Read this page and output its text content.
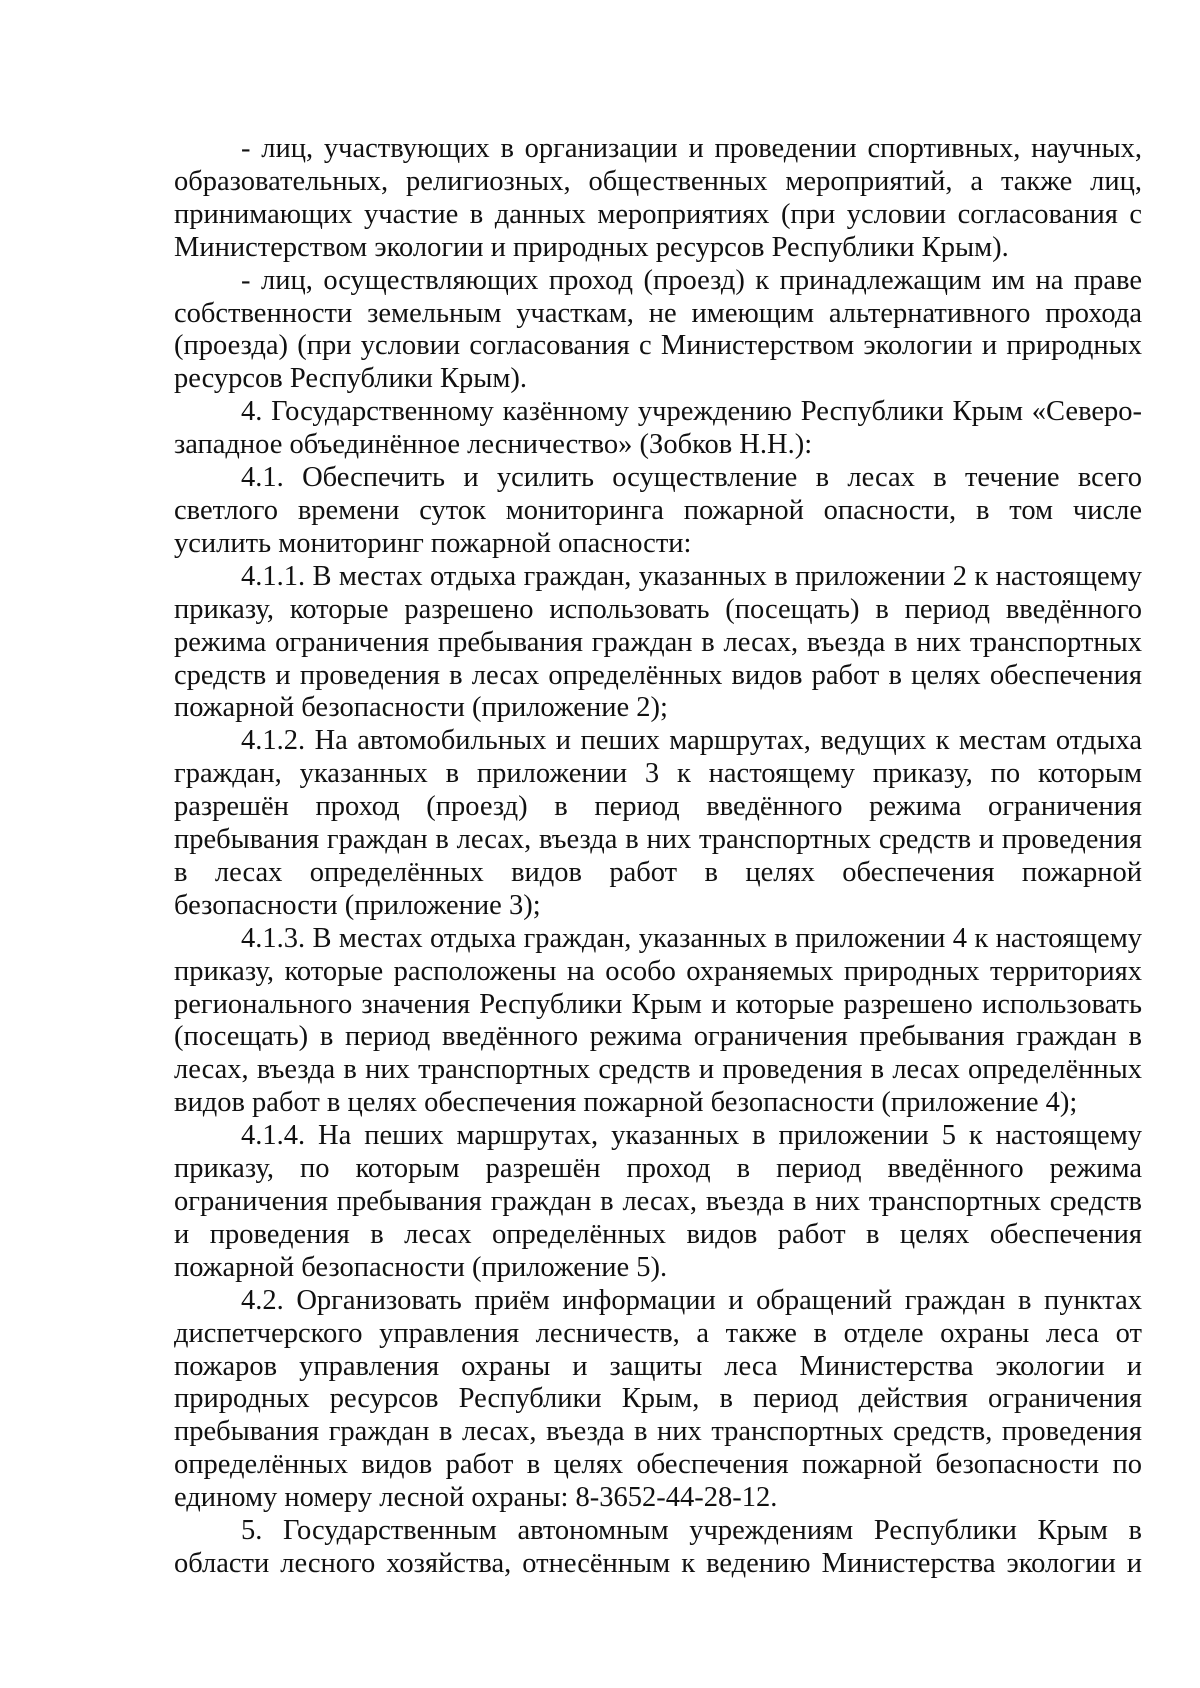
- лиц, участвующих в организации и проведении спортивных, научных, образовательных, религиозных, общественных мероприятий, а также лиц, принимающих участие в данных мероприятиях (при условии согласования с Министерством экологии и природных ресурсов Республики Крым).

- лиц, осуществляющих проход (проезд) к принадлежащим им на праве собственности земельным участкам, не имеющим альтернативного прохода (проезда) (при условии согласования с Министерством экологии и природных ресурсов Республики Крым).

4. Государственному казённому учреждению Республики Крым «Северо-западное объединённое лесничество» (Зобков Н.Н.):

4.1. Обеспечить и усилить осуществление в лесах в течение всего светлого времени суток мониторинга пожарной опасности, в том числе усилить мониторинг пожарной опасности:

4.1.1. В местах отдыха граждан, указанных в приложении 2 к настоящему приказу, которые разрешено использовать (посещать) в период введённого режима ограничения пребывания граждан в лесах, въезда в них транспортных средств и проведения в лесах определённых видов работ в целях обеспечения пожарной безопасности (приложение 2);

4.1.2. На автомобильных и пеших маршрутах, ведущих к местам отдыха граждан, указанных в приложении 3 к настоящему приказу, по которым разрешён проход (проезд) в период введённого режима ограничения пребывания граждан в лесах, въезда в них транспортных средств и проведения в лесах определённых видов работ в целях обеспечения пожарной безопасности (приложение 3);

4.1.3. В местах отдыха граждан, указанных в приложении 4 к настоящему приказу, которые расположены на особо охраняемых природных территориях регионального значения Республики Крым и которые разрешено использовать (посещать) в период введённого режима ограничения пребывания граждан в лесах, въезда в них транспортных средств и проведения в лесах определённых видов работ в целях обеспечения пожарной безопасности (приложение 4);

4.1.4. На пеших маршрутах, указанных в приложении 5 к настоящему приказу, по которым разрешён проход в период введённого режима ограничения пребывания граждан в лесах, въезда в них транспортных средств и проведения в лесах определённых видов работ в целях обеспечения пожарной безопасности (приложение 5).

4.2. Организовать приём информации и обращений граждан в пунктах диспетчерского управления лесничеств, а также в отделе охраны леса от пожаров управления охраны и защиты леса Министерства экологии и природных ресурсов Республики Крым, в период действия ограничения пребывания граждан в лесах, въезда в них транспортных средств, проведения определённых видов работ в целях обеспечения пожарной безопасности по единому номеру лесной охраны: 8-3652-44-28-12.

5. Государственным автономным учреждениям Республики Крым в области лесного хозяйства, отнесённым к ведению Министерства экологии и
